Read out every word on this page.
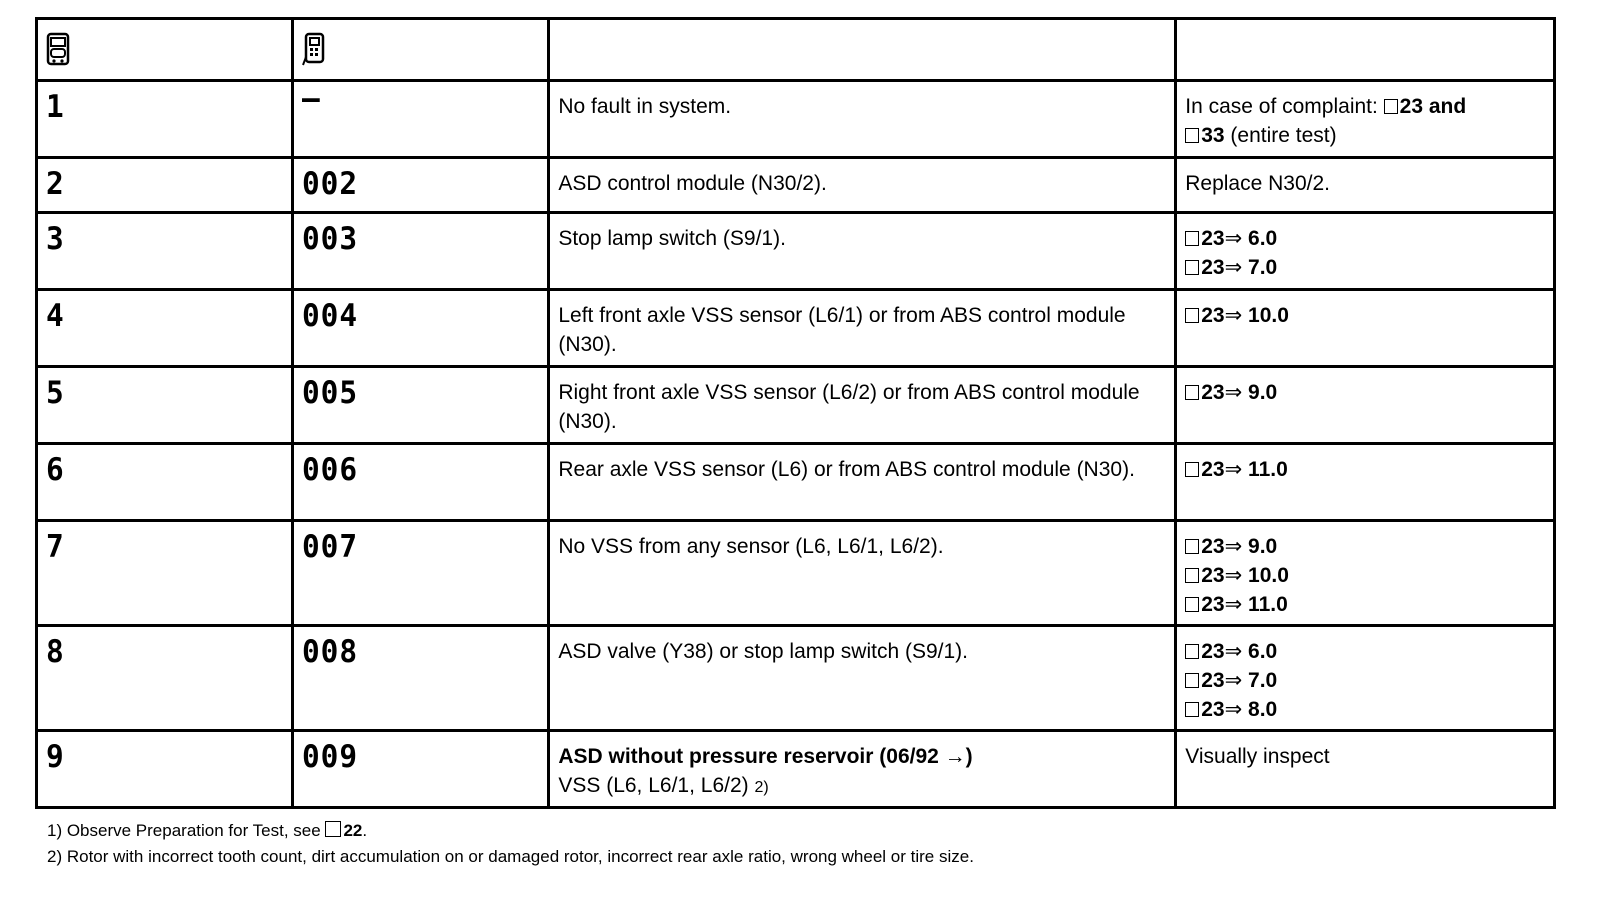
1	–	No fault in system.	In case of complaint: 23 and
33 (entire test)
2	002	ASD control module (N30/2).	Replace N30/2.
3	003	Stop lamp switch (S9/1).	23⇒ 6.0
23⇒ 7.0

4	004	Left front axle VSS sensor (L6/1) or from ABS control module (N30).	23⇒ 10.0

5	005	Right front axle VSS sensor (L6/2) or from ABS control module (N30).	23⇒ 9.0

6	006	Rear axle VSS sensor (L6) or from ABS control module (N30).	23⇒ 11.0

7	007	No VSS from any sensor (L6, L6/1, L6/2).	23⇒ 9.0
23⇒ 10.0
23⇒ 11.0

8	008	ASD valve (Y38) or stop lamp switch (S9/1).	23⇒ 6.0
23⇒ 7.0
23⇒ 8.0

9	009	ASD without pressure reservoir (06/92 →)
VSS (L6, L6/1, L6/2) 2)	Visually inspect
1) Observe Preparation for Test, see 22.
2) Rotor with incorrect tooth count, dirt accumulation on or damaged rotor, incorrect rear axle ratio, wrong wheel or tire size.
